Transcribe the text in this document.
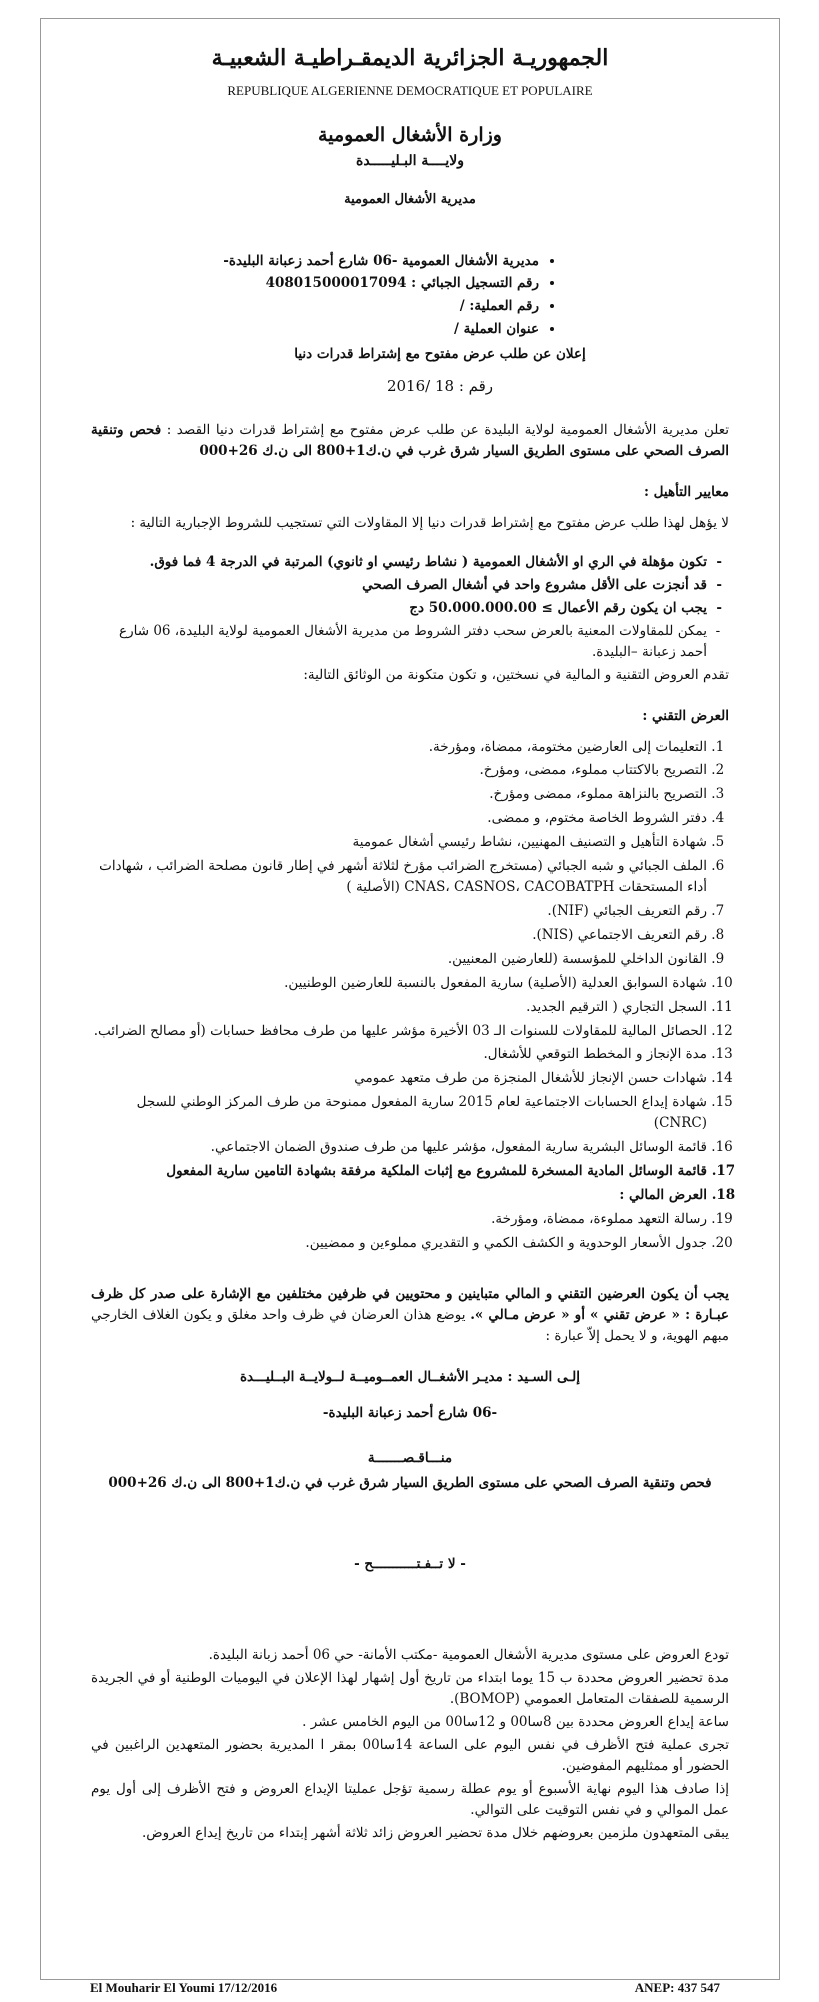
الجمهوريـة الجزائرية الديمقـراطيـة الشعبيـة
REPUBLIQUE ALGERIENNE DEMOCRATIQUE ET POPULAIRE
وزارة الأشغال العمومية
ولايــــة البـليـــــدة
مديرية الأشغال العمومية
• مديرية الأشغال العمومية -06 شارع أحمد زعبانة البليدة-
• رقم التسجيل الجبائي : 408015000017094
• رقم العملية: /
• عنوان العملية /
إعلان عن طلب عرض مفتوح مع إشتراط قدرات دنيا
رقم : 18 /2016

تعلن مديرية الأشغال العمومية لولاية البليدة عن طلب عرض مفتوح مع إشتراط قدرات دنيا القصد : فحص وتنقية الصرف الصحي على مستوى الطريق السيار شرق غرب في ن.ك1+800 الى ن.ك 26+000

معايير التأهيل :

لا يؤهل لهذا طلب عرض مفتوح مع إشتراط قدرات دنيا إلا المقاولات التي تستجيب للشروط الإجبارية التالية :

- تكون مؤهلة في الري او الأشغال العمومية ( نشاط رئيسي او ثانوي) المرتبة في الدرجة 4 فما فوق.
- قد أنجزت على الأقل مشروع واحد في أشغال الصرف الصحي
- يجب ان يكون رقم الأعمال ≥ 50.000.000.00 دج
- يمكن للمقاولات المعنية بالعرض سحب دفتر الشروط من مديرية الأشغال العمومية لولاية البليدة، 06 شارع أحمد زعبانة –البليدة.

تقدم العروض التقنية و المالية في نسختين، و تكون متكونة من الوثائق التالية:

العرض التقني :
1. التعليمات إلى العارضين مختومة، ممضاة، ومؤرخة.
2. التصريح بالاكتتاب مملوء، ممضى، ومؤرخ.
3. التصريح بالنزاهة مملوء، ممضى ومؤرخ.
4. دفتر الشروط الخاصة مختوم، و ممضى.
5. شهادة التأهيل و التصنيف المهنيين، نشاط رئيسي أشغال عمومية
6. الملف الجبائي و شبه الجبائي (مستخرج الضرائب مؤرخ لثلاثة أشهر في إطار قانون مصلحة الضرائب ، شهادات أداء المستحقات CNAS، CASNOS، CACOBATPH (الأصلية )
7. رقم التعريف الجبائي (NIF).
8. رقم التعريف الاجتماعي (NIS).
9. القانون الداخلي للمؤسسة (للعارضين المعنيين.
10. شهادة السوابق العدلية (الأصلية) سارية المفعول بالنسبة للعارضين الوطنيين.
11. السجل التجاري ( الترقيم الجديد.
12. الحصائل المالية للمقاولات للسنوات الـ 03 الأخيرة مؤشر عليها من طرف محافظ حسابات (أو مصالح الضرائب.
13. مدة الإنجاز و المخطط التوقعي للأشغال.
14. شهادات حسن الإنجاز للأشغال المنجزة من طرف متعهد عمومي
15. شهادة إيداع الحسابات الاجتماعية لعام 2015 سارية المفعول ممنوحة من طرف المركز الوطني للسجل (CNRC)
16. قائمة الوسائل البشرية سارية المفعول، مؤشر عليها من طرف صندوق الضمان الاجتماعي.
17. قائمة الوسائل المادية المسخرة للمشروع مع إثبات الملكية مرفقة بشهادة التامين سارية المفعول
18. العرض المالي :
19. رسالة التعهد مملوءة، ممضاة، ومؤرخة.
20. جدول الأسعار الوحدوية و الكشف الكمي و التقديري مملوءين و ممضيين.

يجب أن يكون العرضين التقني و المالي متباينين و محتويين في ظرفين مختلفين مع الإشارة على صدر كل ظرف عبـارة : « عرض تقني » أو « عرض مـالي ». يوضع هذان العرضان في ظرف واحد مغلق و يكون الغلاف الخارجي مبهم الهوية، و لا يحمل إلاّ عبارة :

إلـى السـيد : مديـر الأشغــال العمــوميــة لــولايــة البــليـــدة
-06 شارع أحمد زعبانة البليدة-
منـــاقـصـــــــة
فحص وتنقية الصرف الصحي على مستوى الطريق السيار شرق غرب في ن.ك1+800 الى ن.ك 26+000
- لا تــفـتـــــــــــح -

تودع العروض على مستوى مديرية الأشغال العمومية -مكتب الأمانة- حي 06 أحمد زبانة البليدة.

مدة تحضير العروض محددة ب 15 يوما ابتداء من تاريخ أول إشهار لهذا الإعلان في اليوميات الوطنية أو في الجريدة الرسمية للصفقات المتعامل العمومي (BOMOP).

ساعة إيداع العروض محددة بين 8سا00 و 12سا00 من اليوم الخامس عشر .

تجرى عملية فتح الأظرف في نفس اليوم على الساعة 14سا00 بمقر ا المديرية بحضور المتعهدين الراغبين في الحضور أو ممثليهم المفوضين.

إذا صادف هذا اليوم نهاية الأسبوع أو يوم عطلة رسمية تؤجل عمليتا الإيداع العروض و فتح الأظرف إلى أول يوم عمل الموالي و في نفس التوقيت على التوالي.

يبقى المتعهدون ملزمين بعروضهم خلال مدة تحضير العروض زائد ثلاثة أشهر إبتداء من تاريخ إيداع العروض.

El Mouharir El Youmi 17/12/2016	ANEP: 437 547
